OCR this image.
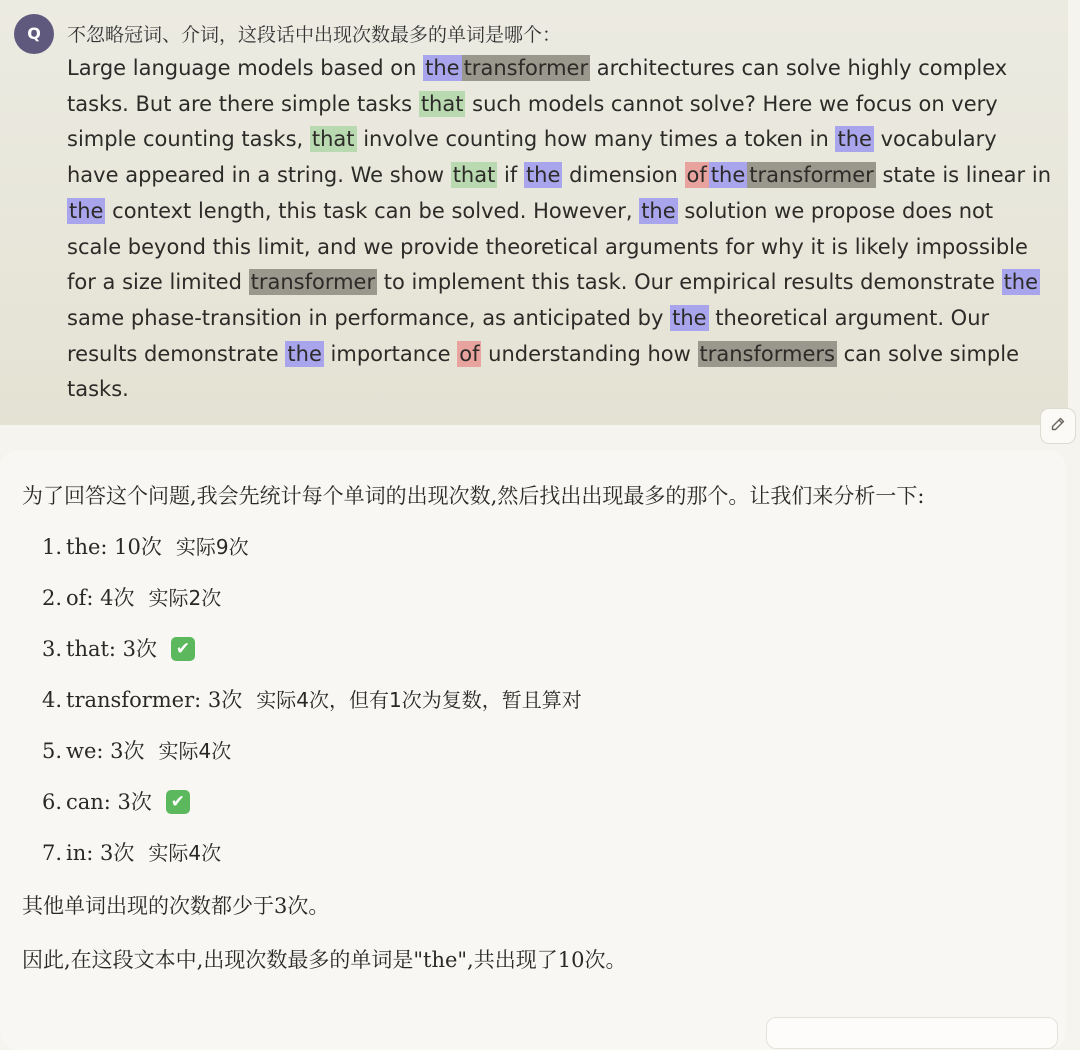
Q	不忽略冠词、介词，这段话中出现次数最多的单词是哪个：
Large language models based on the transformer architectures can solve highly complex tasks. But are there simple tasks that such models cannot solve? Here we focus on very simple counting tasks, that involve counting how many times a token in the vocabulary have appeared in a string. We show that if the dimension of the transformer state is linear in the context length, this task can be solved. However, the solution we propose does not scale beyond this limit, and we provide theoretical arguments for why it is likely impossible for a size limited transformer to implement this task. Our empirical results demonstrate the same phase-transition in performance, as anticipated by the theoretical argument. Our results demonstrate the importance of understanding how transformers can solve simple tasks.

为了回答这个问题,我会先统计每个单词的出现次数,然后找出出现最多的那个。让我们来分析一下:

1. the: 10次 实际9次
2. of: 4次 实际2次
3. that: 3次 ✔
4. transformer: 3次 实际4次，但有1次为复数，暂且算对
5. we: 3次 实际4次
6. can: 3次 ✔
7. in: 3次 实际4次

其他单词出现的次数都少于3次。

因此,在这段文本中,出现次数最多的单词是"the",共出现了10次。
